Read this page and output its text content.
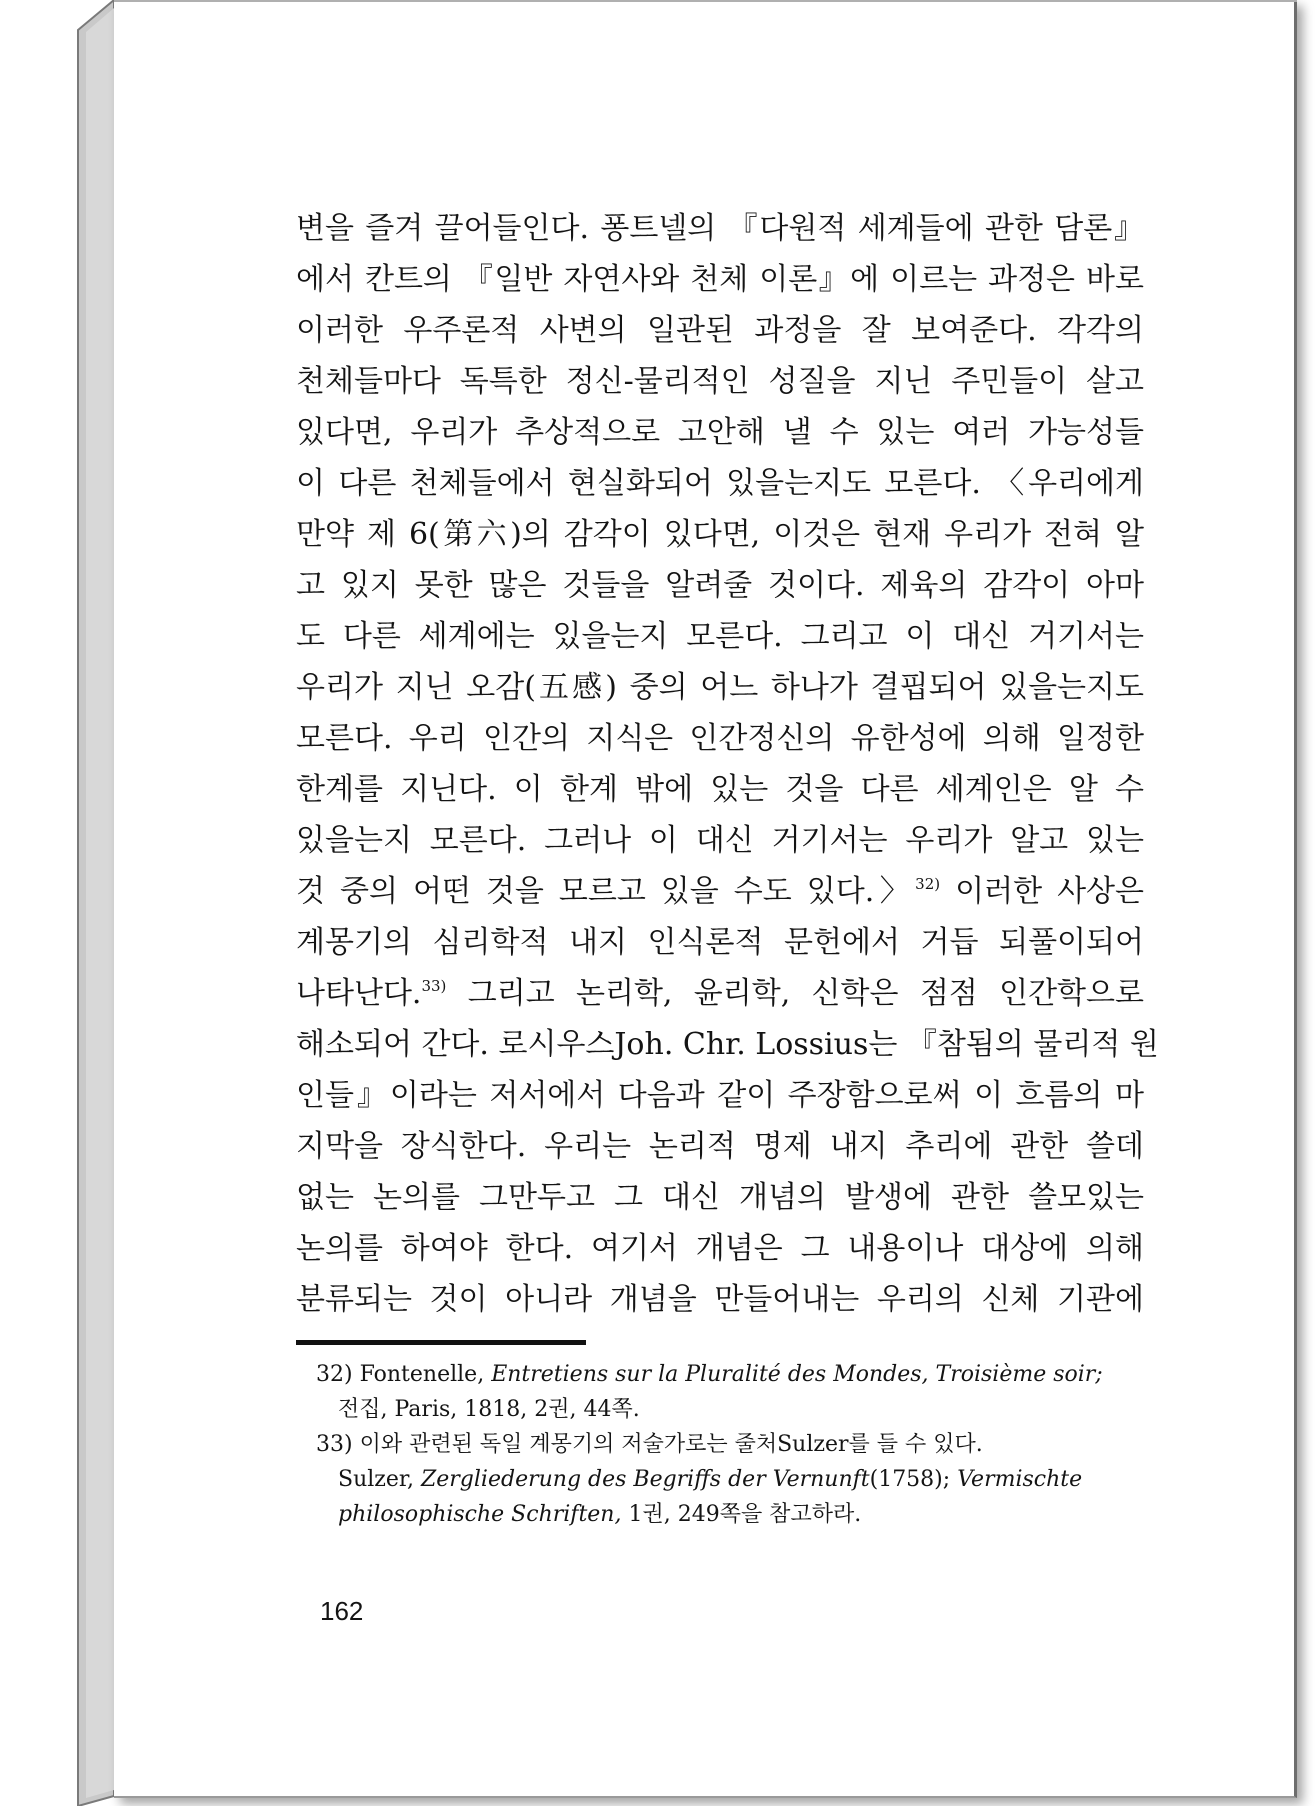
변을 즐겨 끌어들인다. 퐁트넬의 『다원적 세계들에 관한 담론』
에서 칸트의 『일반 자연사와 천체 이론』에 이르는 과정은 바로
이러한 우주론적 사변의 일관된 과정을 잘 보여준다. 각각의
천체들마다 독특한 정신-물리적인 성질을 지닌 주민들이 살고
있다면, 우리가 추상적으로 고안해 낼 수 있는 여러 가능성들
이 다른 천체들에서 현실화되어 있을는지도 모른다. 〈우리에게
만약 제 6(第六)의 감각이 있다면, 이것은 현재 우리가 전혀 알
고 있지 못한 많은 것들을 알려줄 것이다. 제육의 감각이 아마
도 다른 세계에는 있을는지 모른다. 그리고 이 대신 거기서는
우리가 지닌 오감(五感) 중의 어느 하나가 결핍되어 있을는지도
모른다. 우리 인간의 지식은 인간정신의 유한성에 의해 일정한
한계를 지닌다. 이 한계 밖에 있는 것을 다른 세계인은 알 수
있을는지 모른다. 그러나 이 대신 거기서는 우리가 알고 있는
것 중의 어떤 것을 모르고 있을 수도 있다.〉$^{32)}$ 이러한 사상은
계몽기의 심리학적 내지 인식론적 문헌에서 거듭 되풀이되어
나타난다.$^{33)}$ 그리고 논리학, 윤리학, 신학은 점점 인간학으로
해소되어 간다. 로시우스Joh. Chr. Lossius는 『참됨의 물리적 원
인들』이라는 저서에서 다음과 같이 주장함으로써 이 흐름의 마
지막을 장식한다. 우리는 논리적 명제 내지 추리에 관한 쓸데
없는 논의를 그만두고 그 대신 개념의 발생에 관한 쓸모있는
논의를 하여야 한다. 여기서 개념은 그 내용이나 대상에 의해
분류되는 것이 아니라 개념을 만들어내는 우리의 신체 기관에
32) Fontenelle, Entretiens sur la Pluralité des Mondes, Troisième soir;
전집, Paris, 1818, 2권, 44쪽.
33) 이와 관련된 독일 계몽기의 저술가로는 줄처Sulzer를 들 수 있다.
Sulzer, Zergliederung des Begriffs der Vernunft(1758); Vermischte
philosophische Schriften, 1권, 249쪽을 참고하라.
162
